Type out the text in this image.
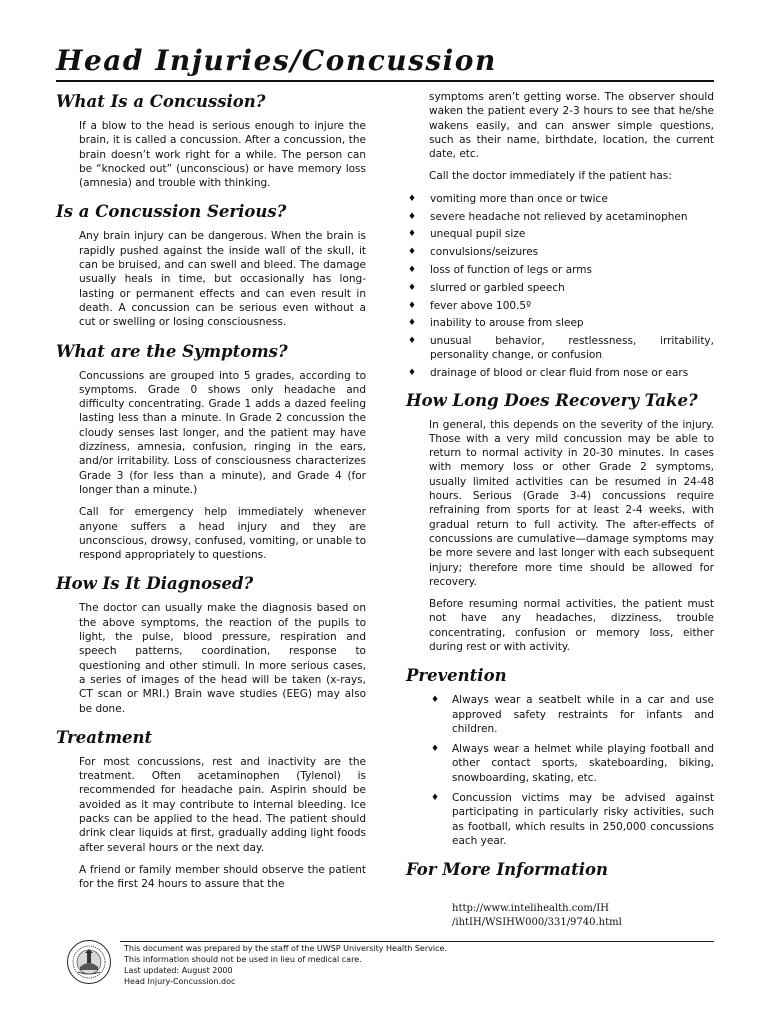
Head Injuries/Concussion
What Is a Concussion?

If a blow to the head is serious enough to injure the brain, it is called a concussion. After a concussion, the brain doesn’t work right for a while. The person can be “knocked out” (unconscious) or have memory loss (amnesia) and trouble with thinking.

Is a Concussion Serious?

Any brain injury can be dangerous. When the brain is rapidly pushed against the inside wall of the skull, it can be bruised, and can swell and bleed. The damage usually heals in time, but occasionally has long-lasting or permanent effects and can even result in death. A concussion can be serious even without a cut or swelling or losing consciousness.

What are the Symptoms?

Concussions are grouped into 5 grades, according to symptoms. Grade 0 shows only headache and difficulty concentrating. Grade 1 adds a dazed feeling lasting less than a minute. In Grade 2 concussion the cloudy senses last longer, and the patient may have dizziness, amnesia, confusion, ringing in the ears, and/or irritability. Loss of consciousness characterizes Grade 3 (for less than a minute), and Grade 4 (for longer than a minute.)

Call for emergency help immediately whenever anyone suffers a head injury and they are unconscious, drowsy, confused, vomiting, or unable to respond appropriately to questions.

How Is It Diagnosed?

The doctor can usually make the diagnosis based on the above symptoms, the reaction of the pupils to light, the pulse, blood pressure, respiration and speech patterns, coordination, response to questioning and other stimuli. In more serious cases, a series of images of the head will be taken (x-rays, CT scan or MRI.) Brain wave studies (EEG) may also be done.

Treatment

For most concussions, rest and inactivity are the treatment. Often acetaminophen (Tylenol) is recommended for headache pain. Aspirin should be avoided as it may contribute to internal bleeding. Ice packs can be applied to the head. The patient should drink clear liquids at first, gradually adding light foods after several hours or the next day.

A friend or family member should observe the patient for the first 24 hours to assure that the

symptoms aren’t getting worse. The observer should waken the patient every 2-3 hours to see that he/she wakens easily, and can answer simple questions, such as their name, birthdate, location, the current date, etc.

Call the doctor immediately if the patient has:

♦ vomiting more than once or twice
♦ severe headache not relieved by acetaminophen
♦ unequal pupil size
♦ convulsions/seizures
♦ loss of function of legs or arms
♦ slurred or garbled speech
♦ fever above 100.5º
♦ inability to arouse from sleep
♦ unusual behavior, restlessness, irritability, personality change, or confusion
♦ drainage of blood or clear fluid from nose or ears
How Long Does Recovery Take?

In general, this depends on the severity of the injury. Those with a very mild concussion may be able to return to normal activity in 20-30 minutes. In cases with memory loss or other Grade 2 symptoms, usually limited activities can be resumed in 24-48 hours. Serious (Grade 3-4) concussions require refraining from sports for at least 2-4 weeks, with gradual return to full activity. The after-effects of concussions are cumulative—damage symptoms may be more severe and last longer with each subsequent injury; therefore more time should be allowed for recovery.

Before resuming normal activities, the patient must not have any headaches, dizziness, trouble concentrating, confusion or memory loss, either during rest or with activity.

Prevention
♦ Always wear a seatbelt while in a car and use approved safety restraints for infants and children.
♦ Always wear a helmet while playing football and other contact sports, skateboarding, biking, snowboarding, skating, etc.
♦ Concussion victims may be advised against participating in particularly risky activities, such as football, which results in 250,000 concussions each year.
For More Information
http://www.intelihealth.com/IH
/ihtIH/WSIHW000/331/9740.html
This document was prepared by the staff of the UWSP University Health Service.
This information should not be used in lieu of medical care.
Last updated: August 2000
Head Injury-Concussion.doc
